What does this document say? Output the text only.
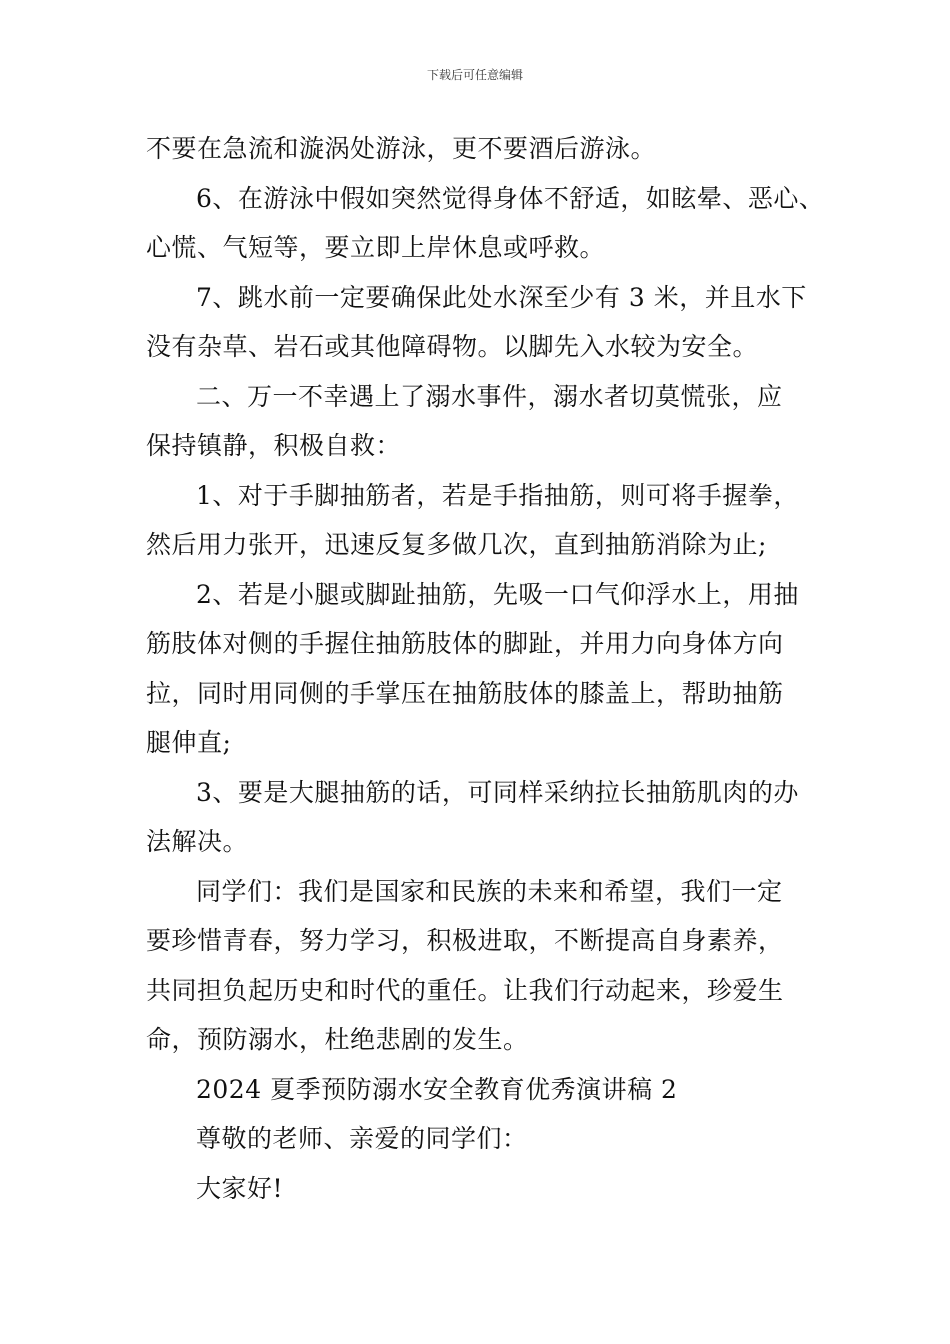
下载后可任意编辑
不要在急流和漩涡处游泳，更不要酒后游泳。
6、在游泳中假如突然觉得身体不舒适，如眩晕、恶心、
心慌、气短等，要立即上岸休息或呼救。
7、跳水前一定要确保此处水深至少有 3 米，并且水下
没有杂草、岩石或其他障碍物。以脚先入水较为安全。
二、万一不幸遇上了溺水事件，溺水者切莫慌张，应
保持镇静，积极自救：
1、对于手脚抽筋者，若是手指抽筋，则可将手握拳，
然后用力张开，迅速反复多做几次，直到抽筋消除为止;
2、若是小腿或脚趾抽筋，先吸一口气仰浮水上，用抽
筋肢体对侧的手握住抽筋肢体的脚趾，并用力向身体方向
拉，同时用同侧的手掌压在抽筋肢体的膝盖上，帮助抽筋
腿伸直;
3、要是大腿抽筋的话，可同样采纳拉长抽筋肌肉的办
法解决。
同学们：我们是国家和民族的未来和希望，我们一定
要珍惜青春，努力学习，积极进取，不断提高自身素养，
共同担负起历史和时代的重任。让我们行动起来，珍爱生
命，预防溺水，杜绝悲剧的发生。
2024 夏季预防溺水安全教育优秀演讲稿 2
尊敬的老师、亲爱的同学们：
大家好!
